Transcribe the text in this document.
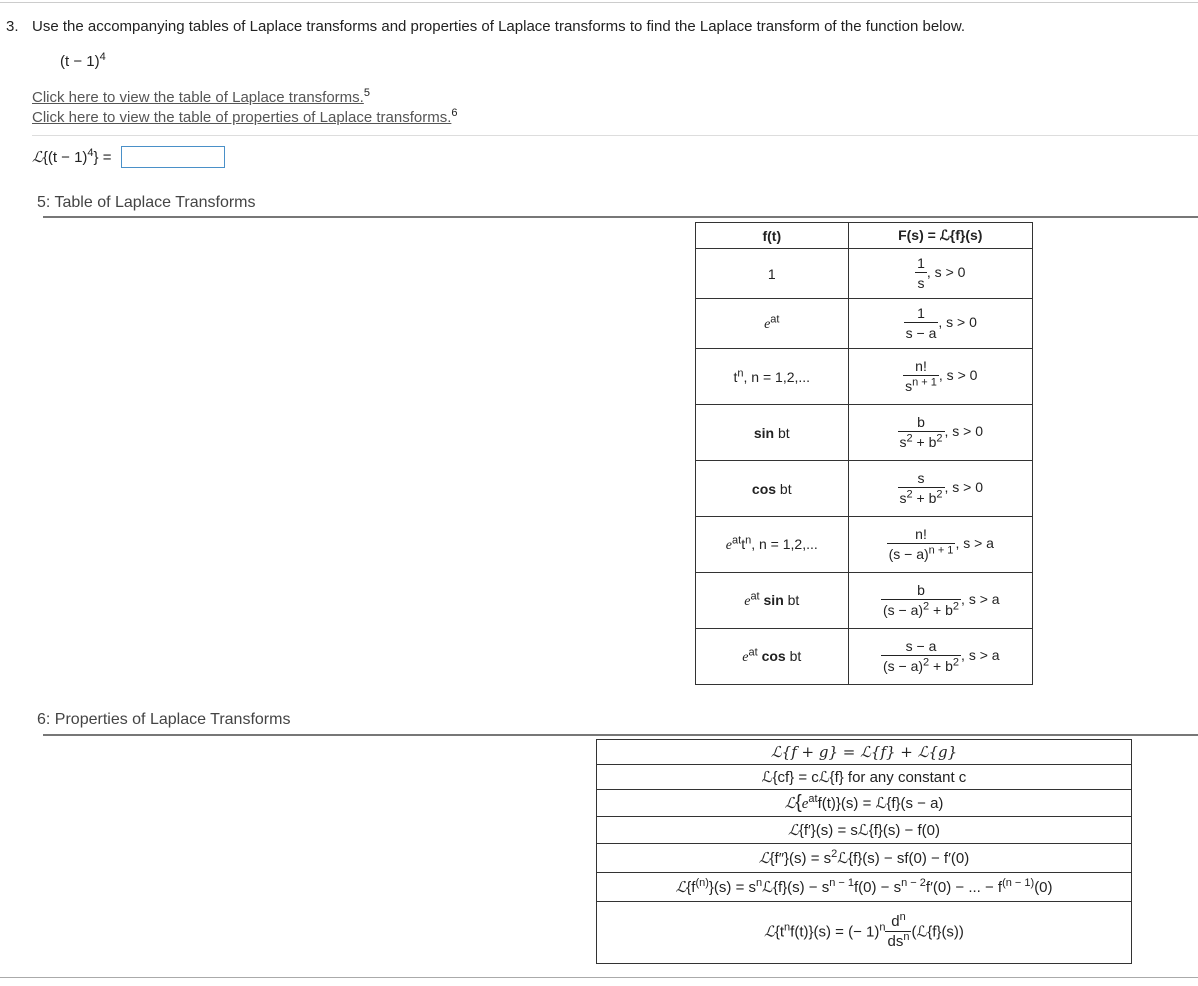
3. Use the accompanying tables of Laplace transforms and properties of Laplace transforms to find the Laplace transform of the function below.
$(t - 1)^4$
Click here to view the table of Laplace transforms.$^5$
Click here to view the table of properties of Laplace transforms.$^6$
ℒ{(t − 1)$^4$} =
5: Table of Laplace Transforms
f(t)	F(s) = ℒ{f}(s)
1	$\frac{1}{s}$ , s > 0
$e^{at}$	$\frac{1}{s - a}$ , s > 0
$t^n$, n = 1,2,...	$\frac{n!}{s^{n + 1}}$ , s > 0
sin bt	$\frac{b}{s^2 + b^2}$ , s > 0
cos bt	$\frac{s}{s^2 + b^2}$ , s > 0
$e^{at}t^n$, n = 1,2,...	$\frac{n!}{(s - a)^{n + 1}}$ , s > a
$e^{at}$ sin bt	$\frac{b}{(s - a)^2 + b^2}$ , s > a
$e^{at}$ cos bt	$\frac{s - a}{(s - a)^2 + b^2}$ , s > a
6: Properties of Laplace Transforms
ℒ{f + g} = ℒ{f} + ℒ{g}
ℒ{cf} = cℒ{f} for any constant c
$ℒ\{e^{at}f(t)\}(s)$ = ℒ{f}(s − a)
ℒ{f′}(s) = sℒ{f}(s) − f(0)
ℒ{f″}(s) = $s^2ℒ\{f\}(s) - sf(0) - f'(0)$
$ℒ\{f^{(n)}\}(s)$ = $s^nℒ\{f\}(s) - s^{n - 1}f(0) - s^{n - 2}f'(0)$ − ... − $f^{(n - 1)}(0)$
$ℒ\{t^nf(t)\}(s)$ = (− $1)^n \frac{d^n}{ds^n}$ (ℒ{f}(s))
